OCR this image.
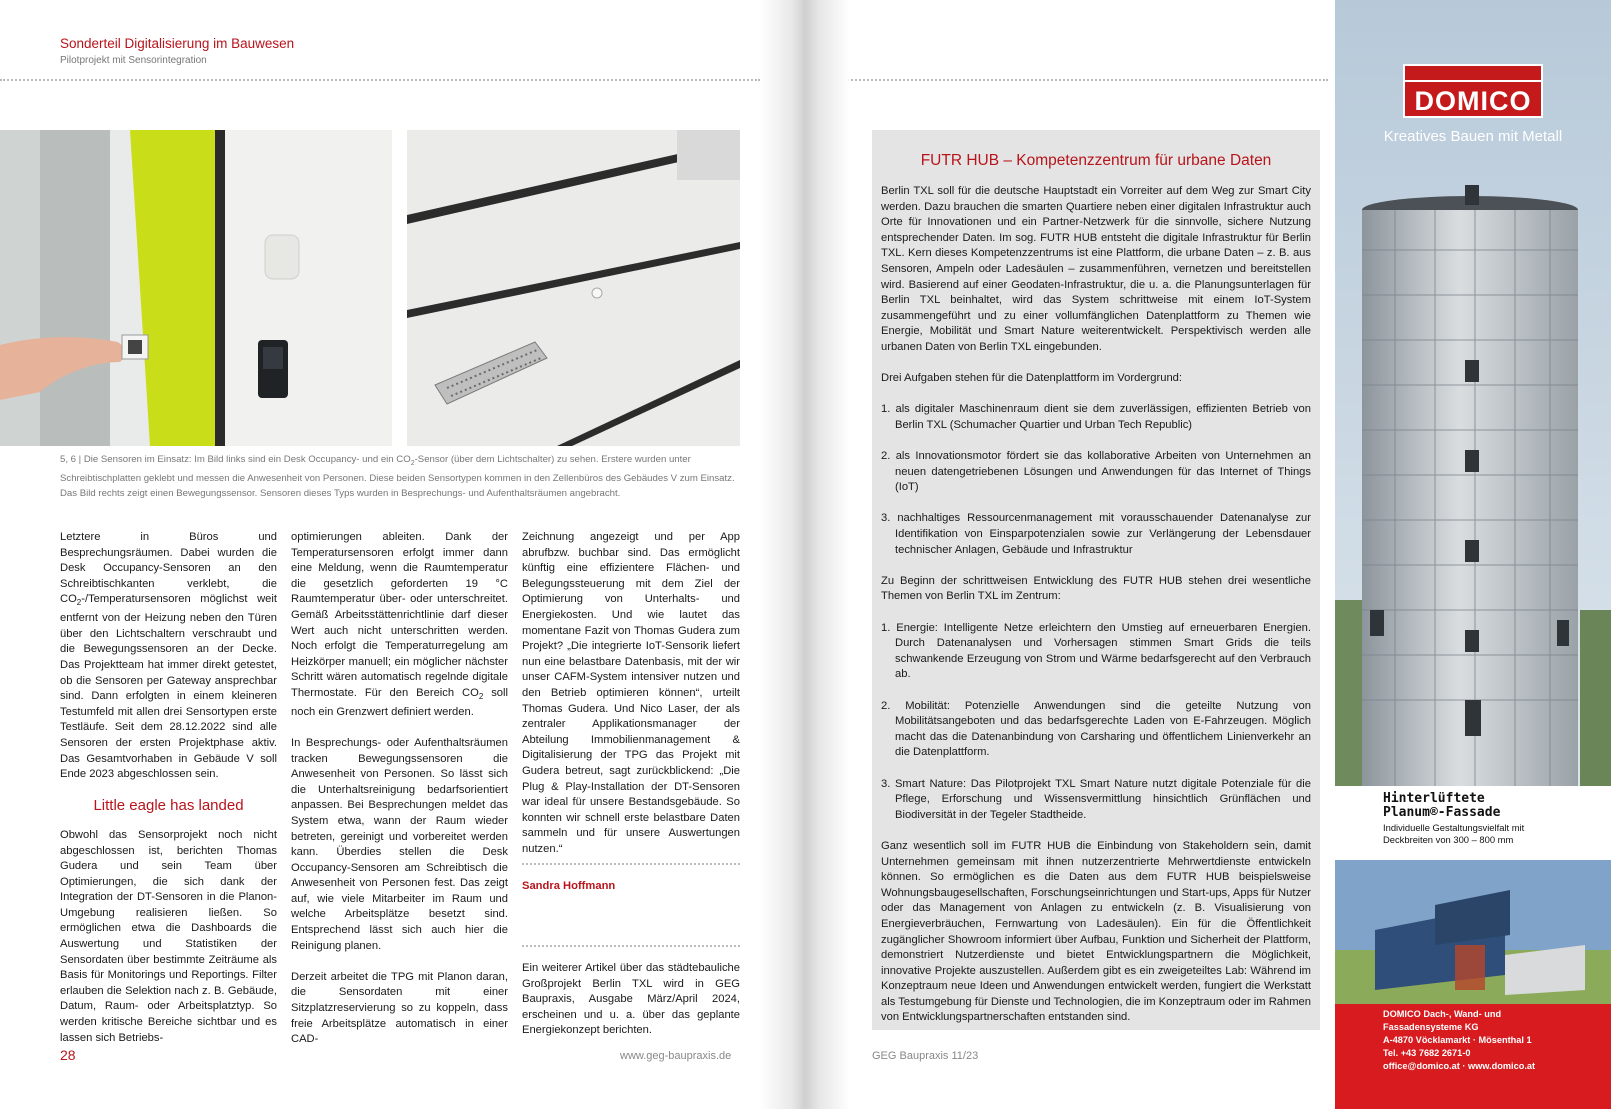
Sonderteil Digitalisierung im Bauwesen
Pilotprojekt mit Sensorintegration
5, 6 | Die Sensoren im Einsatz: Im Bild links sind ein Desk Occupancy- und ein $CO_2$-Sensor (über dem Lichtschalter) zu sehen. Erstere wurden unter Schreibtischplatten geklebt und messen die Anwesenheit von Personen. Diese beiden Sensortypen kommen in den Zellenbüros des Gebäudes V zum Einsatz. Das Bild rechts zeigt einen Bewegungssensor. Sensoren dieses Typs wurden in Besprechungs- und Aufenthaltsräumen angebracht.

Letztere in Büros und Besprechungsräumen. Dabei wurden die Desk Occupancy-Sensoren an den Schreibtischkanten verklebt, die $CO_2-$/Temperatursensoren möglichst weit entfernt von der Heizung neben den Türen über den Lichtschaltern verschraubt und die Bewegungssensoren an der Decke. Das Projektteam hat immer direkt getestet, ob die Sensoren per Gateway ansprechbar sind. Dann erfolgten in einem kleineren Testumfeld mit allen drei Sensortypen erste Testläufe. Seit dem 28.12.2022 sind alle Sensoren der ersten Projektphase aktiv. Das Gesamtvorhaben in Gebäude V soll Ende 2023 abgeschlossen sein.

Little eagle has landed

Obwohl das Sensorprojekt noch nicht abgeschlossen ist, berichten Thomas Gudera und sein Team über Optimierungen, die sich dank der Integration der DT-Sensoren in die Planon-Umgebung realisieren ließen. So ermöglichen etwa die Dashboards die Auswertung und Statistiken der Sensordaten über bestimmte Zeiträume als Basis für Monitorings und Reportings. Filter erlauben die Selektion nach z. B. Gebäude, Datum, Raum- oder Arbeitsplatztyp. So werden kritische Bereiche sichtbar und es lassen sich Betriebs-

optimierungen ableiten. Dank der Temperatursensoren erfolgt immer dann eine Meldung, wenn die Raumtemperatur die gesetzlich geforderten 19 °C Raumtemperatur über- oder unterschreitet. Gemäß Arbeitsstättenrichtlinie darf dieser Wert auch nicht unterschritten werden. Noch erfolgt die Temperaturregelung am Heizkörper manuell; ein möglicher nächster Schritt wären automatisch regelnde digitale Thermostate. Für den Bereich $CO_2$ soll noch ein Grenzwert definiert werden.

In Besprechungs- oder Aufenthaltsräumen tracken Bewegungssensoren die Anwesenheit von Personen. So lässt sich die Unterhaltsreinigung bedarfsorientiert anpassen. Bei Besprechungen meldet das System etwa, wann der Raum wieder betreten, gereinigt und vorbereitet werden kann. Überdies stellen die Desk Occupancy-Sensoren am Schreibtisch die Anwesenheit von Personen fest. Das zeigt auf, wie viele Mitarbeiter im Raum und welche Arbeitsplätze besetzt sind. Entsprechend lässt sich auch hier die Reinigung planen.

Derzeit arbeitet die TPG mit Planon daran, die Sensordaten mit einer Sitzplatzreservierung so zu koppeln, dass freie Arbeitsplätze automatisch in einer CAD-

Zeichnung angezeigt und per App abrufbzw. buchbar sind. Das ermöglicht künftig eine effizientere Flächen- und Belegungssteuerung mit dem Ziel der Optimierung von Unterhalts- und Energiekosten. Und wie lautet das momentane Fazit von Thomas Gudera zum Projekt? „Die integrierte IoT-Sensorik liefert nun eine belastbare Datenbasis, mit der wir unser CAFM-System intensiver nutzen und den Betrieb optimieren können“, urteilt Thomas Gudera. Und Nico Laser, der als zentraler Applikationsmanager der Abteilung Immobilienmanagement & Digitalisierung der TPG das Projekt mit Gudera betreut, sagt zurückblickend: „Die Plug & Play-Installation der DT-Sensoren war ideal für unsere Bestandsgebäude. So konnten wir schnell erste belastbare Daten sammeln und für unsere Auswertungen nutzen.“

Sandra Hoffmann

Ein weiterer Artikel über das städtebauliche Großprojekt Berlin TXL wird in GEG Baupraxis, Ausgabe März/April 2024, erscheinen und u. a. über das geplante Energiekonzept berichten.

28	www.geg-baupraxis.de
FUTR HUB – Kompetenzzentrum für urbane Daten

Berlin TXL soll für die deutsche Hauptstadt ein Vorreiter auf dem Weg zur Smart City werden. Dazu brauchen die smarten Quartiere neben einer digitalen Infrastruktur auch Orte für Innovationen und ein Partner-Netzwerk für die sinnvolle, sichere Nutzung entsprechender Daten. Im sog. FUTR HUB entsteht die digitale Infrastruktur für Berlin TXL. Kern dieses Kompetenzzentrums ist eine Plattform, die urbane Daten – z. B. aus Sensoren, Ampeln oder Ladesäulen – zusammenführen, vernetzen und bereitstellen wird. Basierend auf einer Geodaten-Infrastruktur, die u. a. die Planungsunterlagen für Berlin TXL beinhaltet, wird das System schrittweise mit einem IoT-System zusammengeführt und zu einer vollumfänglichen Datenplattform zu Themen wie Energie, Mobilität und Smart Nature weiterentwickelt. Perspektivisch werden alle urbanen Daten von Berlin TXL eingebunden.

Drei Aufgaben stehen für die Datenplattform im Vordergrund:

1. als digitaler Maschinenraum dient sie dem zuverlässigen, effizienten Betrieb von Berlin TXL (Schumacher Quartier und Urban Tech Republic)
2. als Innovationsmotor fördert sie das kollaborative Arbeiten von Unternehmen an neuen datengetriebenen Lösungen und Anwendungen für das Internet of Things (IoT)
3. nachhaltiges Ressourcenmanagement mit vorausschauender Datenanalyse zur Identifikation von Einsparpotenzialen sowie zur Verlängerung der Lebensdauer technischer Anlagen, Gebäude und Infrastruktur

Zu Beginn der schrittweisen Entwicklung des FUTR HUB stehen drei wesentliche Themen von Berlin TXL im Zentrum:

1. Energie: Intelligente Netze erleichtern den Umstieg auf erneuerbaren Energien. Durch Datenanalysen und Vorhersagen stimmen Smart Grids die teils schwankende Erzeugung von Strom und Wärme bedarfsgerecht auf den Verbrauch ab.
2. Mobilität: Potenzielle Anwendungen sind die geteilte Nutzung von Mobilitätsangeboten und das bedarfsgerechte Laden von E-Fahrzeugen. Möglich macht das die Datenanbindung von Carsharing und öffentlichem Linienverkehr an die Datenplattform.
3. Smart Nature: Das Pilotprojekt TXL Smart Nature nutzt digitale Potenziale für die Pflege, Erforschung und Wissensvermittlung hinsichtlich Grünflächen und Biodiversität in der Tegeler Stadtheide.

Ganz wesentlich soll im FUTR HUB die Einbindung von Stakeholdern sein, damit Unternehmen gemeinsam mit ihnen nutzerzentrierte Mehrwertdienste entwickeln können. So ermöglichen es die Daten aus dem FUTR HUB beispielsweise Wohnungsbaugesellschaften, Forschungseinrichtungen und Start-ups, Apps für Nutzer oder das Management von Anlagen zu entwickeln (z. B. Visualisierung von Energieverbräuchen, Fernwartung von Ladesäulen). Ein für die Öffentlichkeit zugänglicher Showroom informiert über Aufbau, Funktion und Sicherheit der Plattform, demonstriert Nutzerdienste und bietet Entwicklungspartnern die Möglichkeit, innovative Projekte auszustellen. Außerdem gibt es ein zweigeteiltes Lab: Während im Konzeptraum neue Ideen und Anwendungen entwickelt werden, fungiert die Werkstatt als Testumgebung für Dienste und Technologien, die im Konzeptraum oder im Rahmen von Entwicklungspartnerschaften entstanden sind.

GEG Baupraxis 11/23
DOMICO
Kreatives Bauen mit Metall
Hinterlüftete
Planum®-Fassade
Individuelle Gestaltungsvielfalt mit
Deckbreiten von 300 – 800 mm
DOMICO Dach-, Wand- und
Fassadensysteme KG
A-4870 Vöcklamarkt · Mösenthal 1
Tel. +43 7682 2671-0
office@domico.at · www.domico.at
